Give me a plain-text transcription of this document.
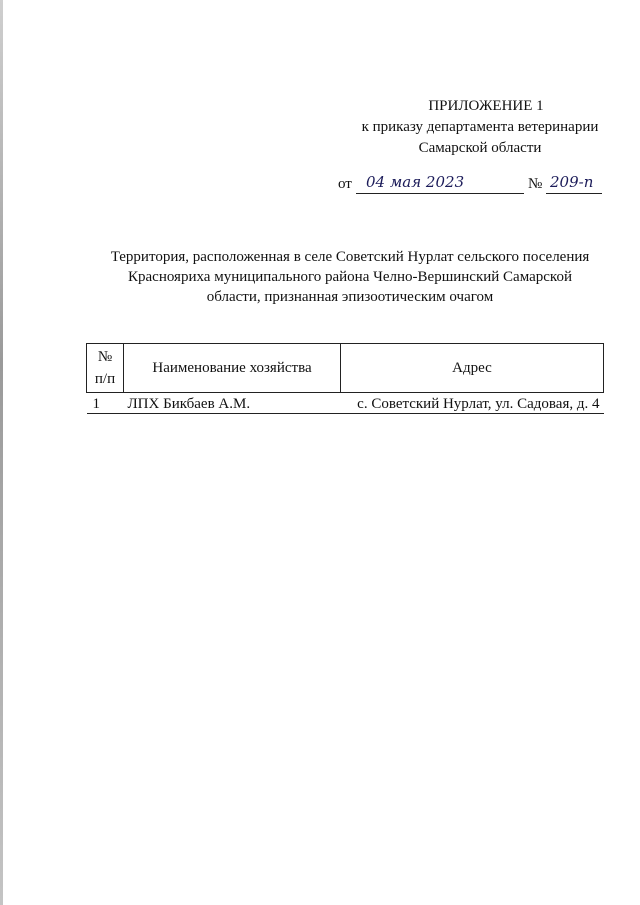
ПРИЛОЖЕНИЕ 1
к приказу департамента ветеринарии
Самарской области
от 04 мая 2023	№ 209-п
Территория, расположенная в селе Советский Нурлат сельского поселения
Краснояриха муниципального района Челно-Вершинский Самарской
области, признанная эпизоотическим очагом
№
п/п	Наименование хозяйства	Адрес
1	ЛПХ Бикбаев А.М.	с. Советский Нурлат, ул. Садовая, д. 4
